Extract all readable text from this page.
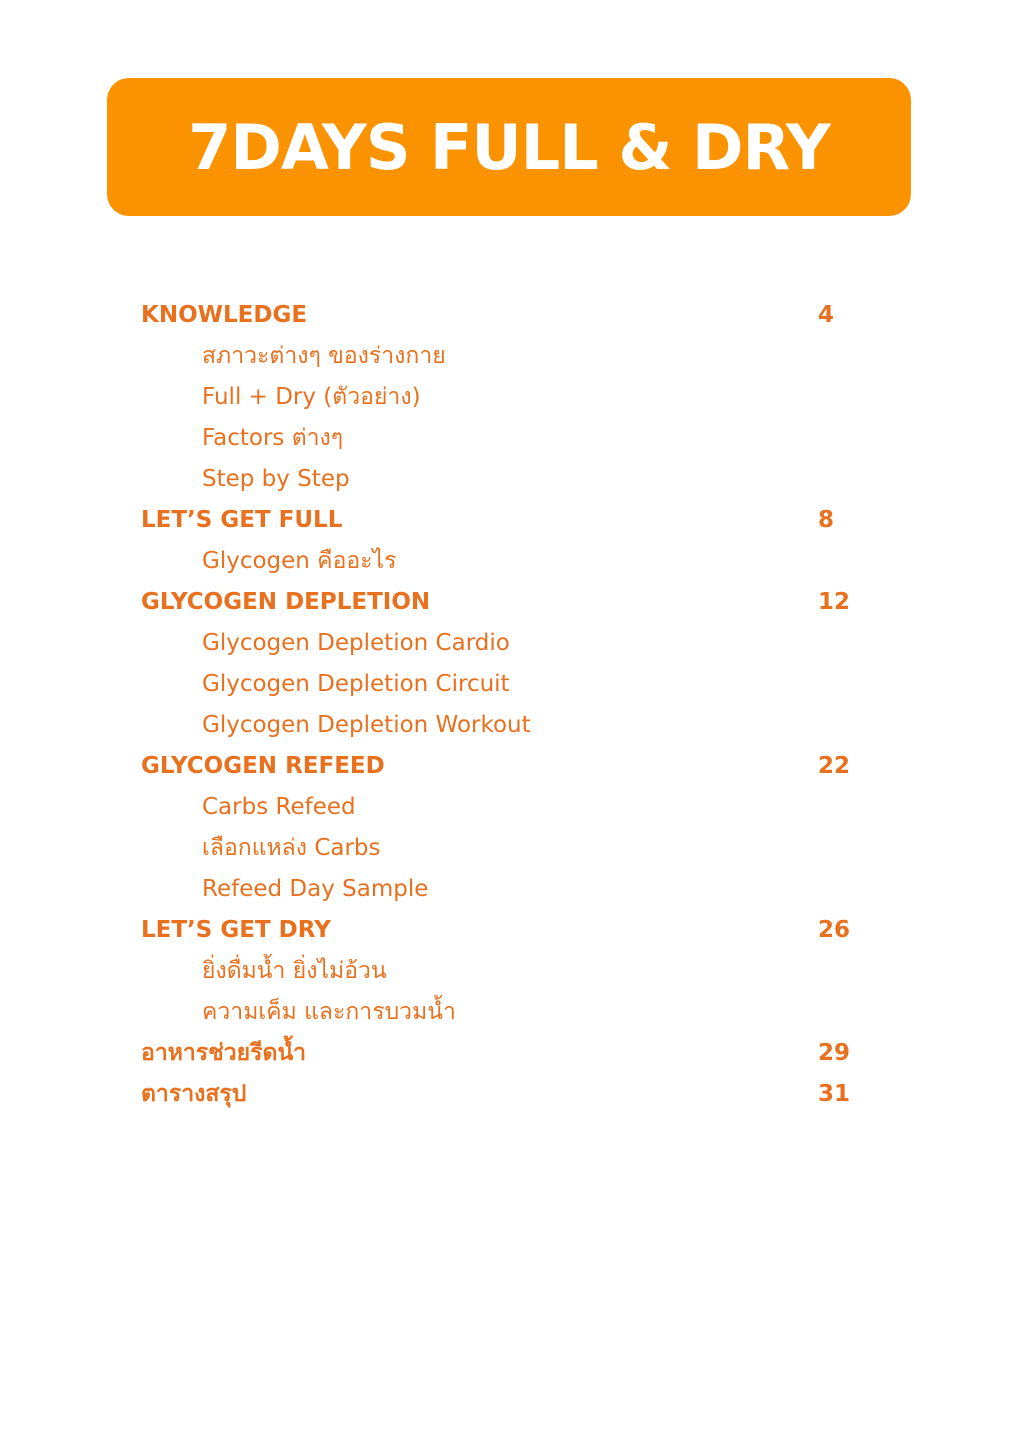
7DAYS FULL & DRY
KNOWLEDGE	4
สภาวะต่างๆ ของร่างกาย
Full + Dry (ตัวอย่าง)
Factors ต่างๆ
Step by Step
LET’S GET FULL	8
Glycogen คืออะไร
GLYCOGEN DEPLETION	12
Glycogen Depletion Cardio
Glycogen Depletion Circuit
Glycogen Depletion Workout
GLYCOGEN REFEED	22
Carbs Refeed
เลือกแหล่ง Carbs
Refeed Day Sample
LET’S GET DRY	26
ยิ่งดื่มน้ำ ยิ่งไม่อ้วน
ความเค็ม และการบวมน้ำ
อาหารช่วยรีดน้ำ	29
ตารางสรุป	31
